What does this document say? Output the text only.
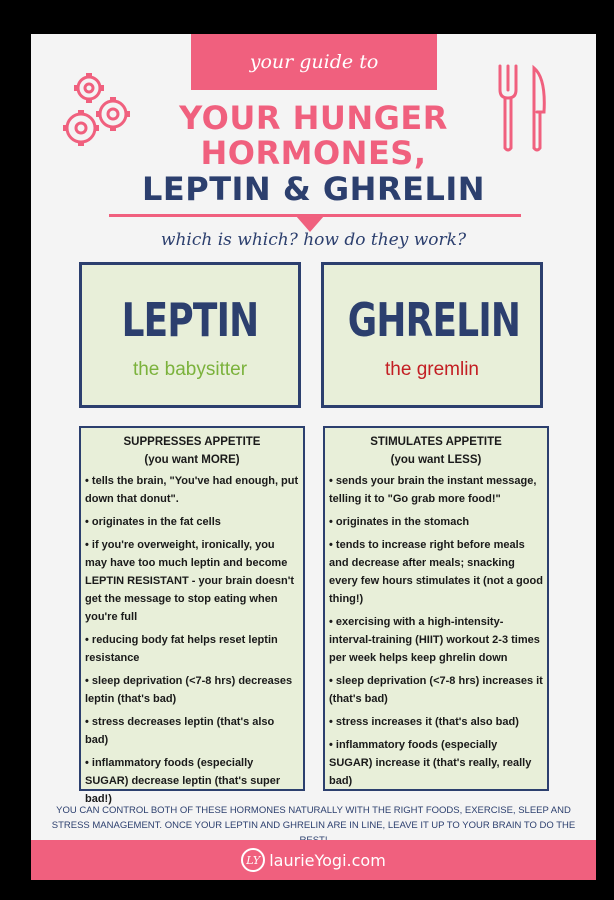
your guide to
YOUR HUNGER
HORMONES,
LEPTIN & GHRELIN
which is which? how do they work?
LEPTIN
the babysitter
GHRELIN
the gremlin
SUPPRESSES APPETITE
(you want MORE)
• tells the brain, "You've had enough, put down that donut".
• originates in the fat cells
• if you're overweight, ironically, you may have too much leptin and become LEPTIN RESISTANT - your brain doesn't get the message to stop eating when you're full
• reducing body fat helps reset leptin resistance
• sleep deprivation (<7-8 hrs) decreases leptin (that's bad)
• stress decreases leptin (that's also bad)
• inflammatory foods (especially SUGAR) decrease leptin (that's super bad!)
STIMULATES APPETITE
(you want LESS)
• sends your brain the instant message, telling it to "Go grab more food!"
• originates in the stomach
• tends to increase right before meals and decrease after meals; snacking every few hours stimulates it (not a good thing!)
• exercising with a high-intensity-interval-training (HIIT) workout 2-3 times per week helps keep ghrelin down
• sleep deprivation (<7-8 hrs) increases it (that's bad)
• stress increases it (that's also bad)
• inflammatory foods (especially SUGAR) increase it (that's really, really bad)
YOU CAN CONTROL BOTH OF THESE HORMONES NATURALLY WITH THE RIGHT FOODS, EXERCISE, SLEEP AND STRESS MANAGEMENT. ONCE YOUR LEPTIN AND GHRELIN ARE IN LINE, LEAVE IT UP TO YOUR BRAIN TO DO THE
LY laurieYogi.com
